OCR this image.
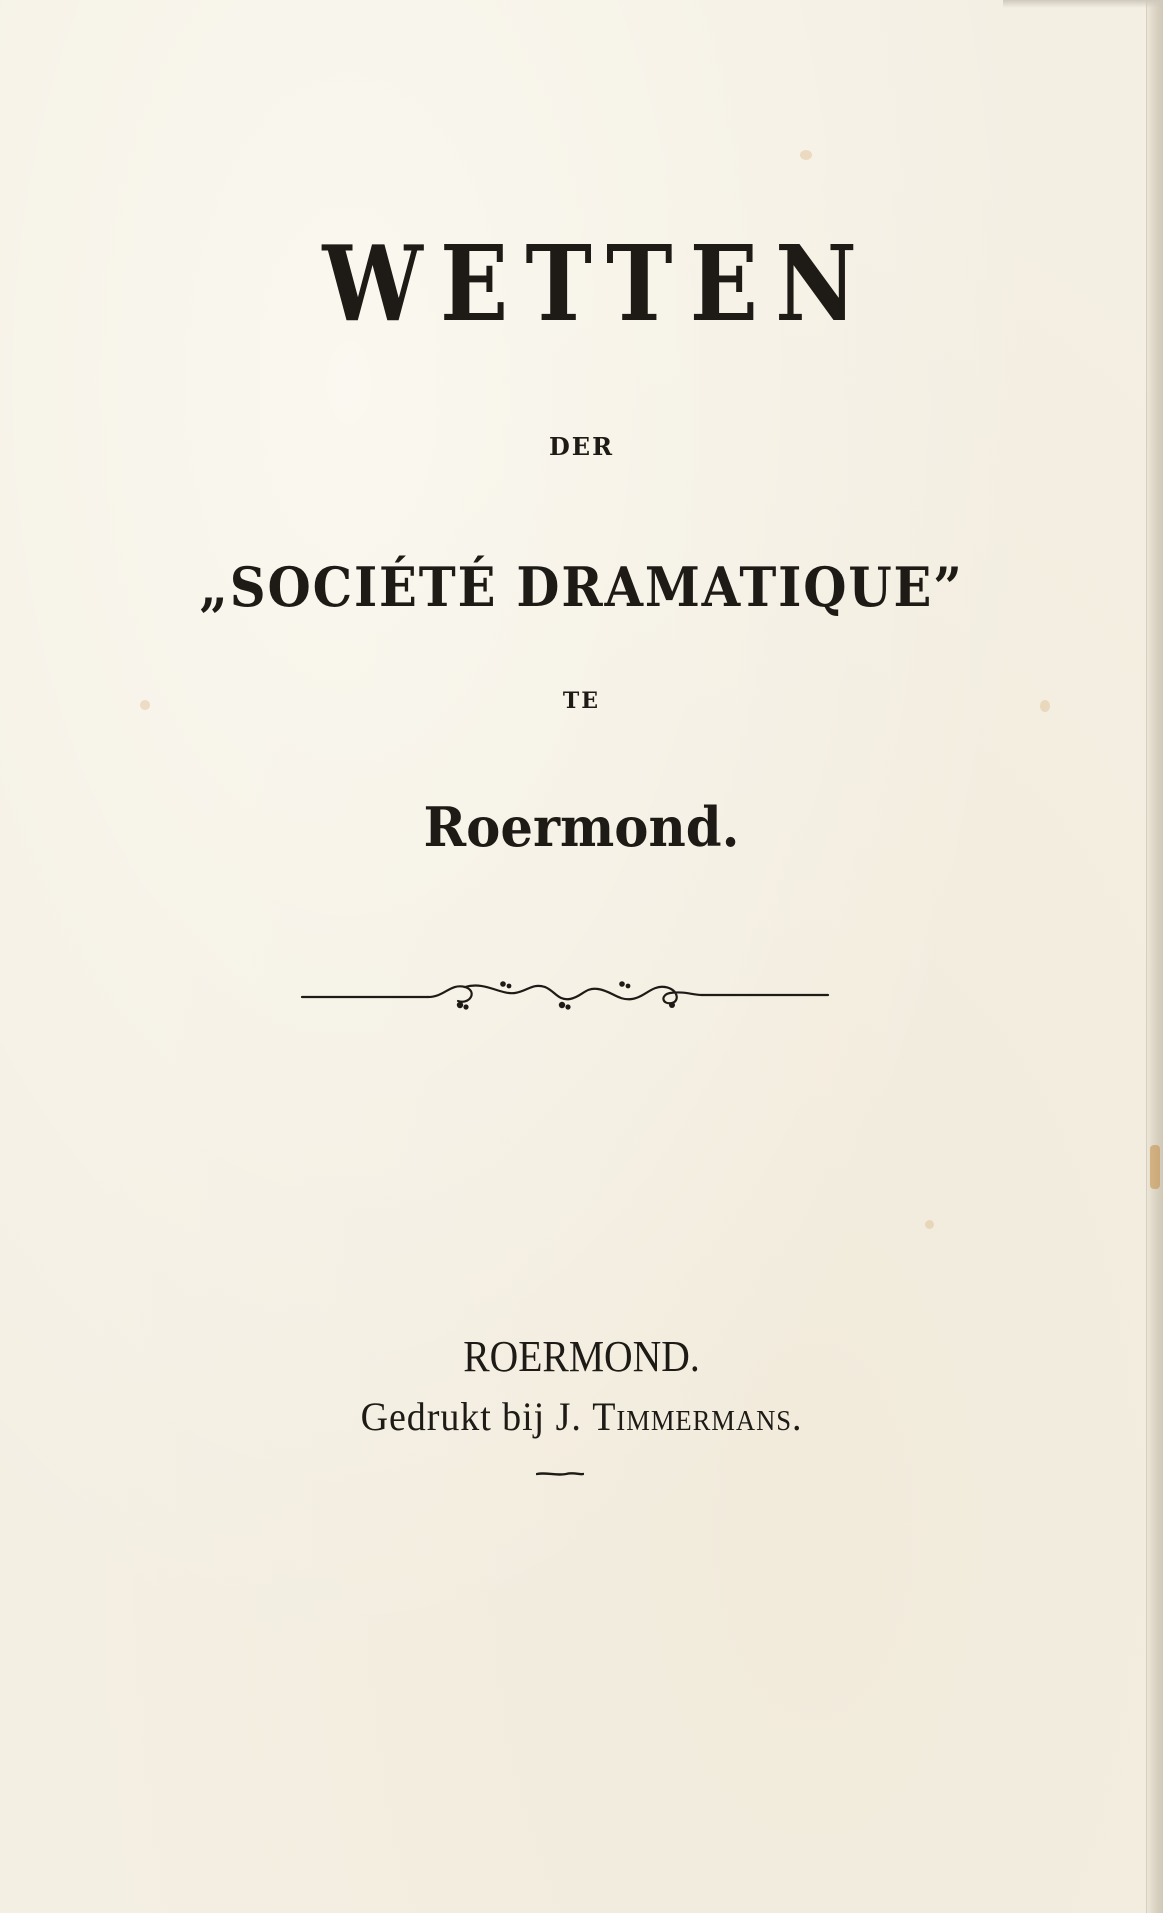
WETTEN
DER
„SOCIÉTÉ DRAMATIQUE”
TE
Roermond.
ROERMOND.
Gedrukt bij J. Timmermans.
